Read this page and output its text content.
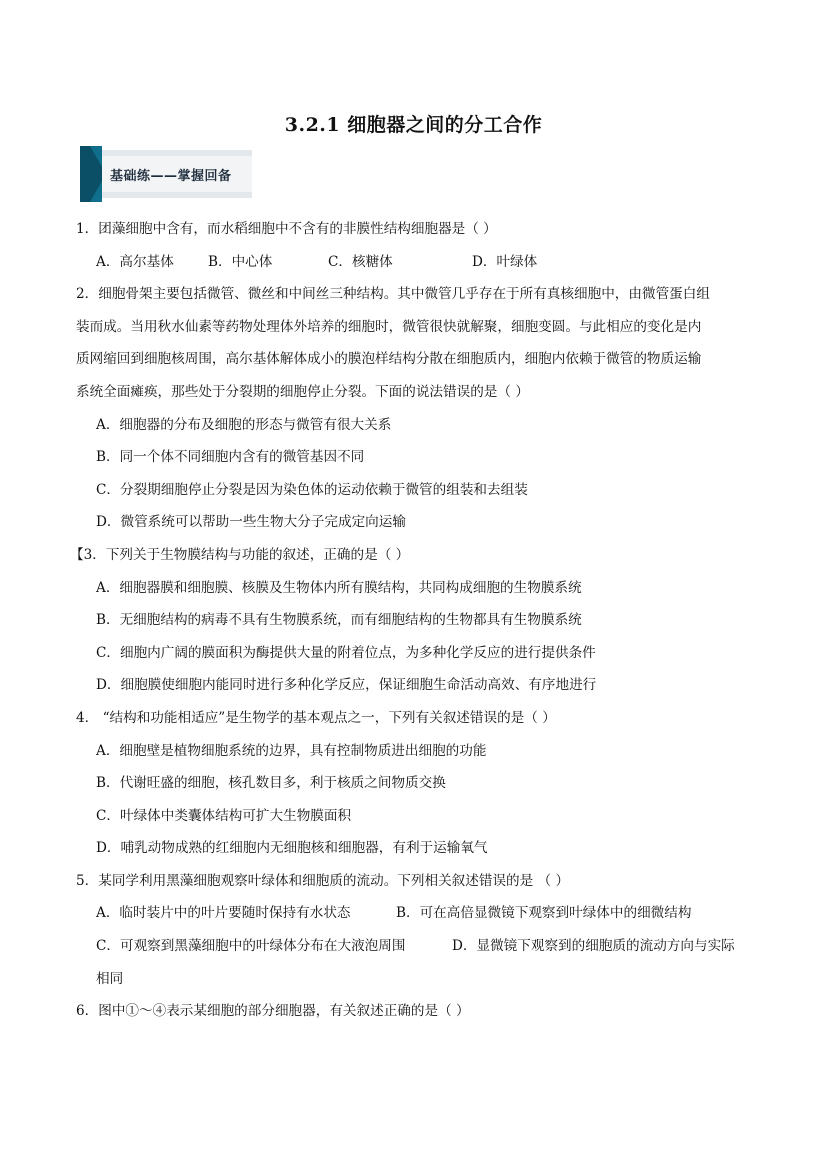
3.2.1 细胞器之间的分工合作
基础练——掌握回备
1．团藻细胞中含有，而水稻细胞中不含有的非膜性结构细胞器是（ ）
A．高尔基体	B．中心体	C．核糖体	D．叶绿体
2．细胞骨架主要包括微管、微丝和中间丝三种结构。其中微管几乎存在于所有真核细胞中，由微管蛋白组
装而成。当用秋水仙素等药物处理体外培养的细胞时，微管很快就解聚，细胞变圆。与此相应的变化是内
质网缩回到细胞核周围，高尔基体解体成小的膜泡样结构分散在细胞质内，细胞内依赖于微管的物质运输
系统全面瘫痪，那些处于分裂期的细胞停止分裂。下面的说法错误的是（ ）
A．细胞器的分布及细胞的形态与微管有很大关系
B．同一个体不同细胞内含有的微管基因不同
C．分裂期细胞停止分裂是因为染色体的运动依赖于微管的组装和去组装
D．微管系统可以帮助一些生物大分子完成定向运输
【3．下列关于生物膜结构与功能的叙述，正确的是（ ）
A．细胞器膜和细胞膜、核膜及生物体内所有膜结构，共同构成细胞的生物膜系统
B．无细胞结构的病毒不具有生物膜系统，而有细胞结构的生物都具有生物膜系统
C．细胞内广阔的膜面积为酶提供大量的附着位点，为多种化学反应的进行提供条件
D．细胞膜使细胞内能同时进行多种化学反应，保证细胞生命活动高效、有序地进行
4． “结构和功能相适应”是生物学的基本观点之一，下列有关叙述错误的是（ ）
A．细胞壁是植物细胞系统的边界，具有控制物质进出细胞的功能
B．代谢旺盛的细胞，核孔数目多，利于核质之间物质交换
C．叶绿体中类囊体结构可扩大生物膜面积
D．哺乳动物成熟的红细胞内无细胞核和细胞器，有利于运输氧气
5．某同学利用黑藻细胞观察叶绿体和细胞质的流动。下列相关叙述错误的是 （ ）
A．临时装片中的叶片要随时保持有水状态	B．可在高倍显微镜下观察到叶绿体中的细微结构
C．可观察到黑藻细胞中的叶绿体分布在大液泡周围	D．显微镜下观察到的细胞质的流动方向与实际
相同
6．图中①～④表示某细胞的部分细胞器，有关叙述正确的是（ ）
